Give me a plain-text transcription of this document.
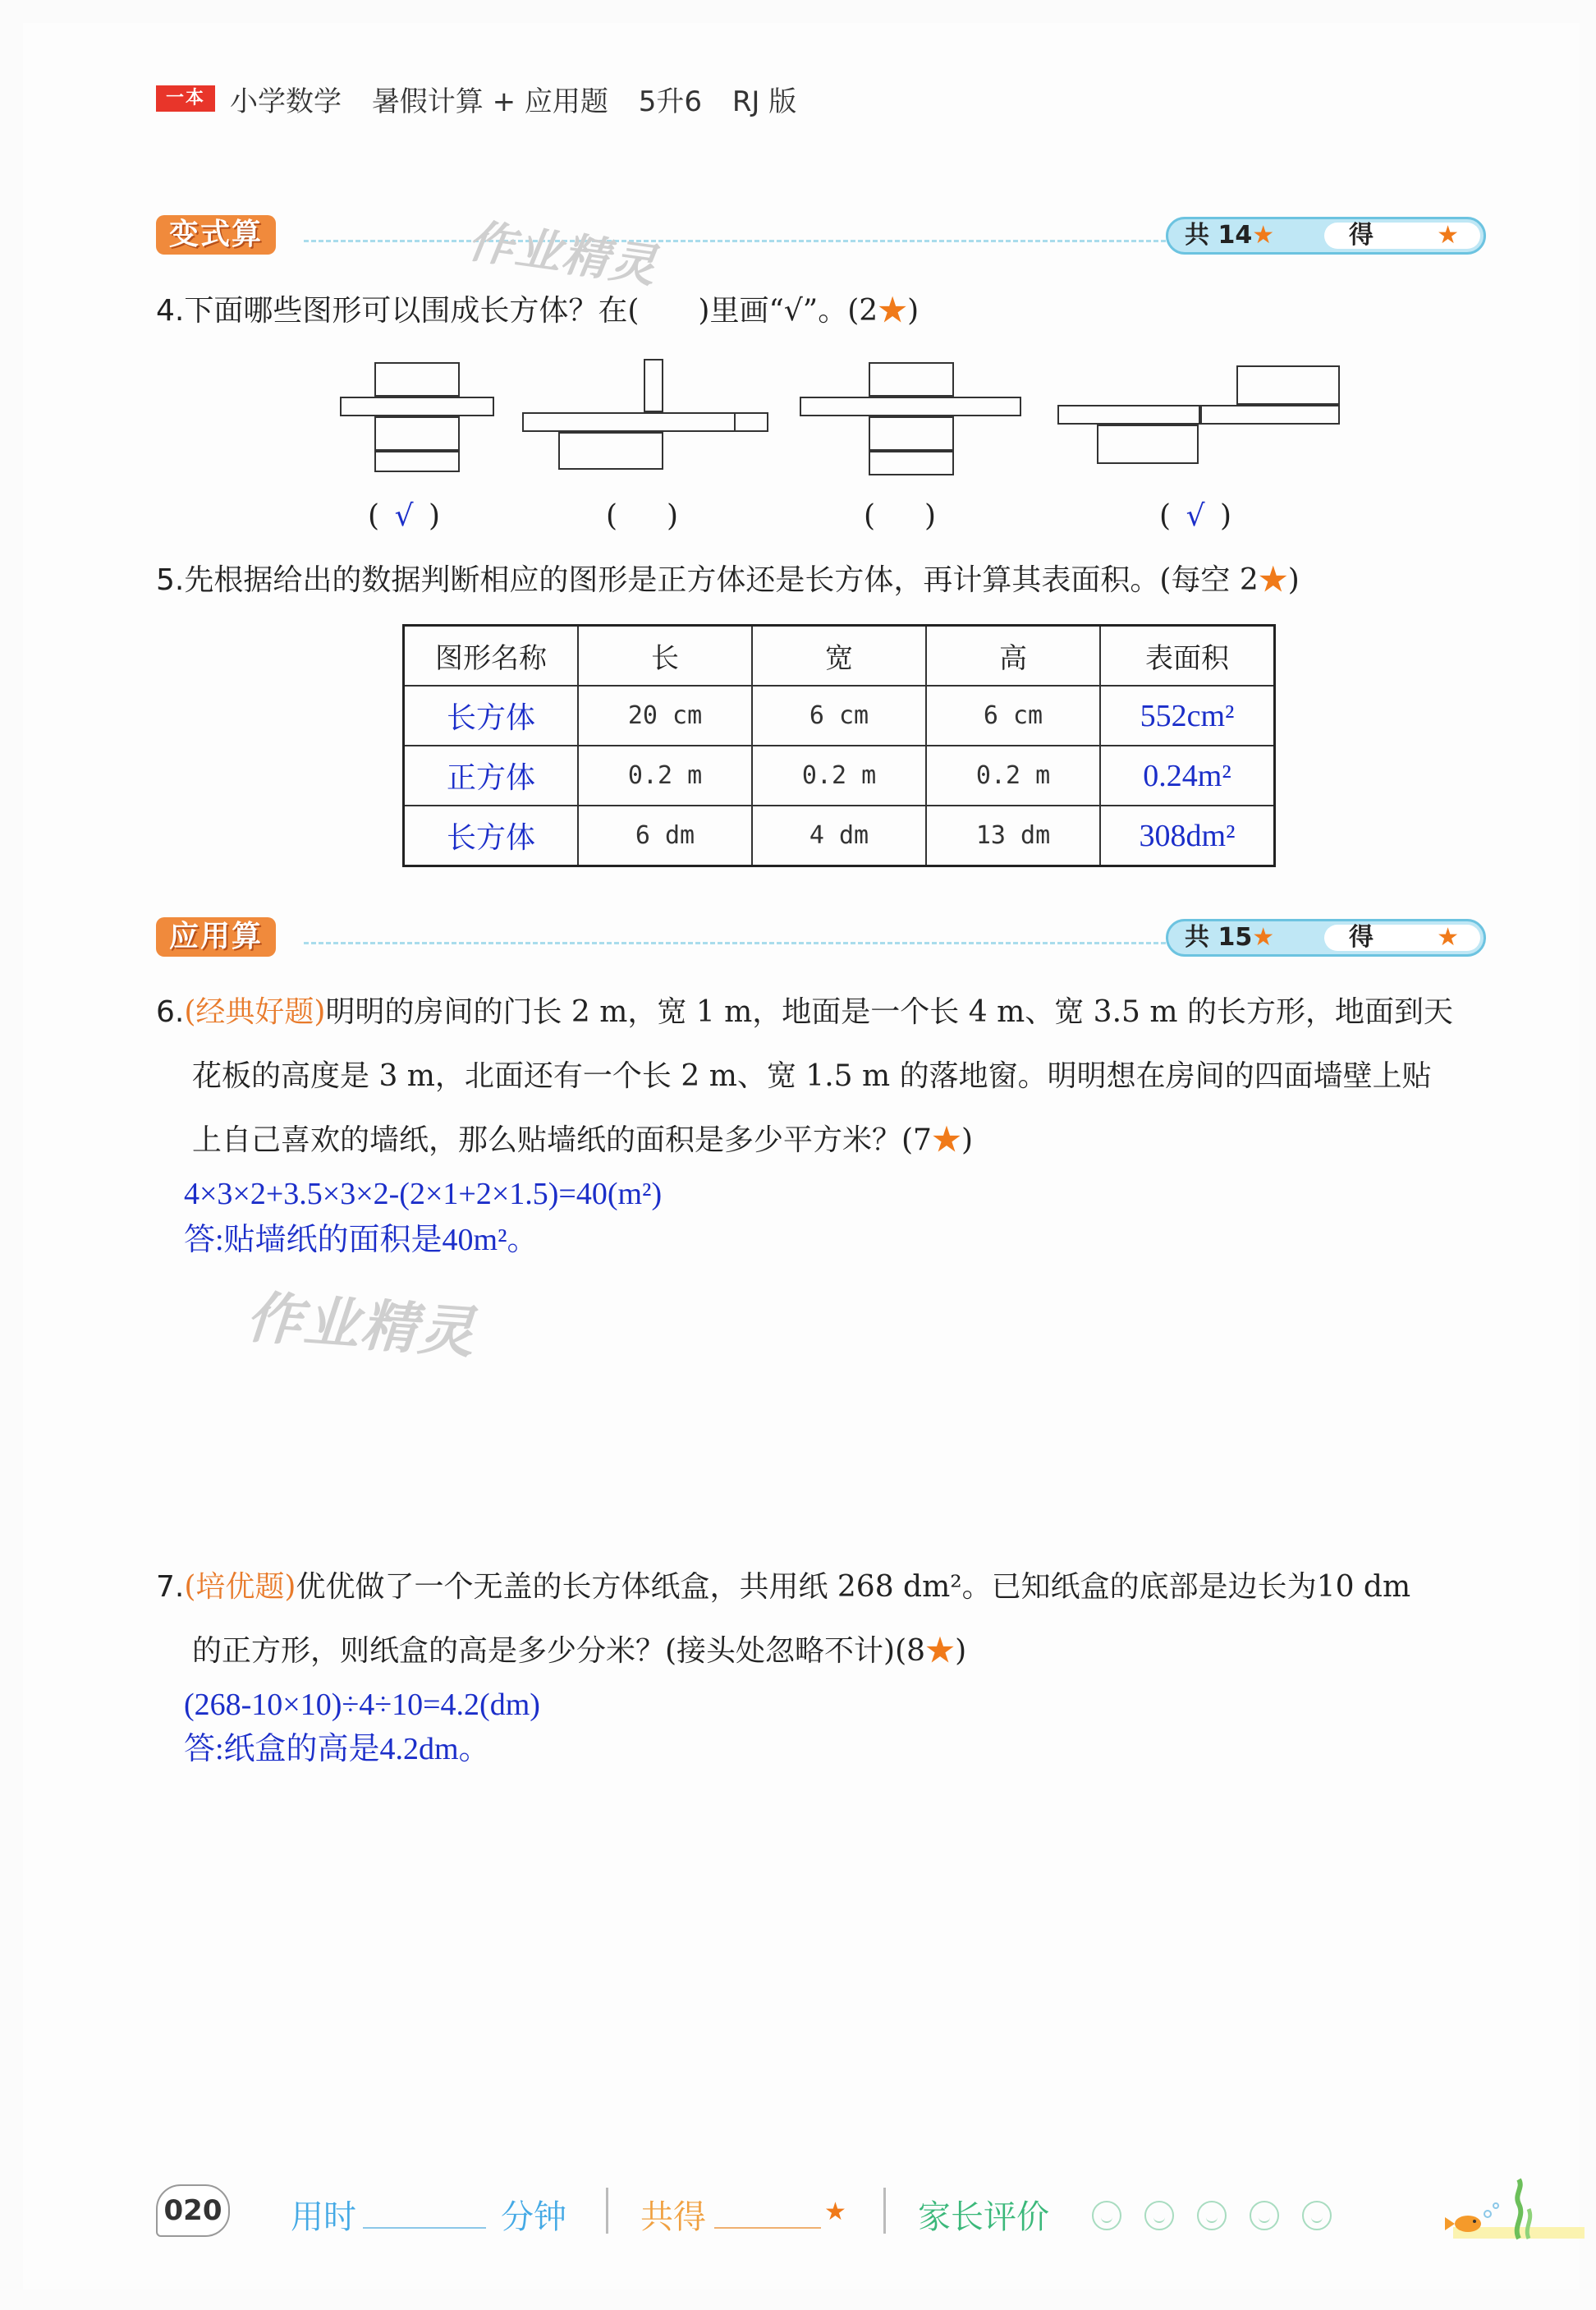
一本 小学数学 暑假计算 + 应用题 5升6 RJ 版
变式算	共 14★	得	★
作业精灵
4.下面哪些图形可以围成长方体？在(　　)里画“√”。(2★)
( √ )	( )	( )	( √ )
5.先根据给出的数据判断相应的图形是正方体还是长方体，再计算其表面积。(每空 2★)
图形名称	长	宽	高	表面积
长方体	20 cm	6 cm	6 cm	552cm²
正方体	0.2 m	0.2 m	0.2 m	0.24m²
长方体	6 dm	4 dm	13 dm	308dm²
应用算	共 15★	得	★
6.(经典好题)明明的房间的门长 2 m，宽 1 m，地面是一个长 4 m、宽 3.5 m 的长方形，地面到天
花板的高度是 3 m，北面还有一个长 2 m、宽 1.5 m 的落地窗。明明想在房间的四面墙壁上贴
上自己喜欢的墙纸，那么贴墙纸的面积是多少平方米？(7★)
4×3×2+3.5×3×2-(2×1+2×1.5)=40(m²)
答:贴墙纸的面积是40m²。
作业精灵
7.(培优题)优优做了一个无盖的长方体纸盒，共用纸 268 dm²。已知纸盒的底部是边长为10 dm
的正方形，则纸盒的高是多少分米？(接头处忽略不计)(8★)
(268-10×10)÷4÷10=4.2(dm)
答:纸盒的高是4.2dm。
020 用时	分钟 共得	★ 家长评价
